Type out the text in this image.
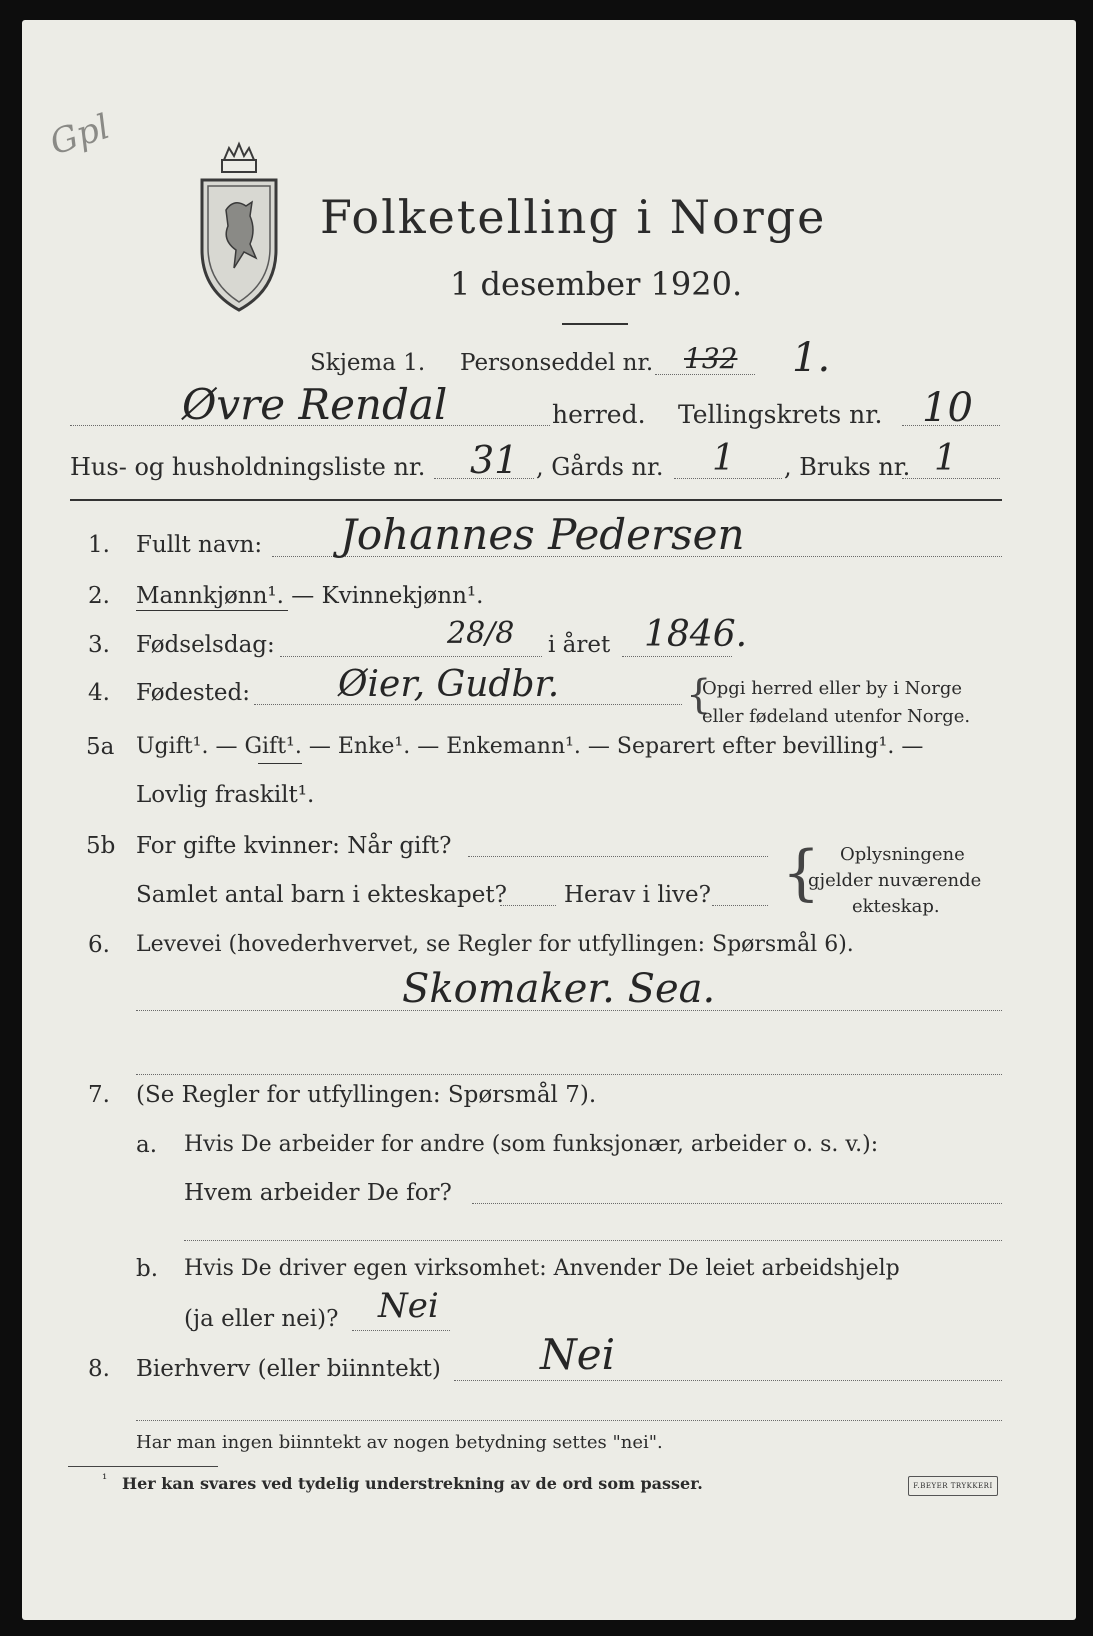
Gpl
Folketelling i Norge
1 desember 1920.
Skjema 1. Personseddel nr. 132 1.
Øvre Rendal	herred. Tellingskrets nr. 10
Hus- og husholdningsliste nr. 31 , Gårds nr. 1 , Bruks nr. 1
1. Fullt navn: Johannes Pedersen
2. Mannkjønn¹. — Kvinnekjønn¹.
3. Fødselsdag:	28/8 i året 1846.
4. Fødested: Øier, Gudbr.	{
Opgi herred eller by i Norge
eller fødeland utenfor Norge.
5a Ugift¹. — Gift¹. — Enke¹. — Enkemann¹. — Separert efter bevilling¹. —
Lovlig fraskilt¹.
5b For gifte kvinner: Når gift?
Samlet antal barn i ekteskapet? Herav i live? { Oplysningene
gjelder nuværende
ekteskap.
6. Levevei (hovederhvervet, se Regler for utfyllingen: Spørsmål 6).
Skomaker. Sea.
7. (Se Regler for utfyllingen: Spørsmål 7).
a. Hvis De arbeider for andre (som funksjonær, arbeider o. s. v.):
Hvem arbeider De for?
b. Hvis De driver egen virksomhet: Anvender De leiet arbeidshjelp
(ja eller nei)? Nei
8. Bierhverv (eller biinntekt) Nei
Har man ingen biinntekt av nogen betydning settes "nei".
¹ Her kan svares ved tydelig understrekning av de ord som passer.	F.BEYER TRYKKERI
